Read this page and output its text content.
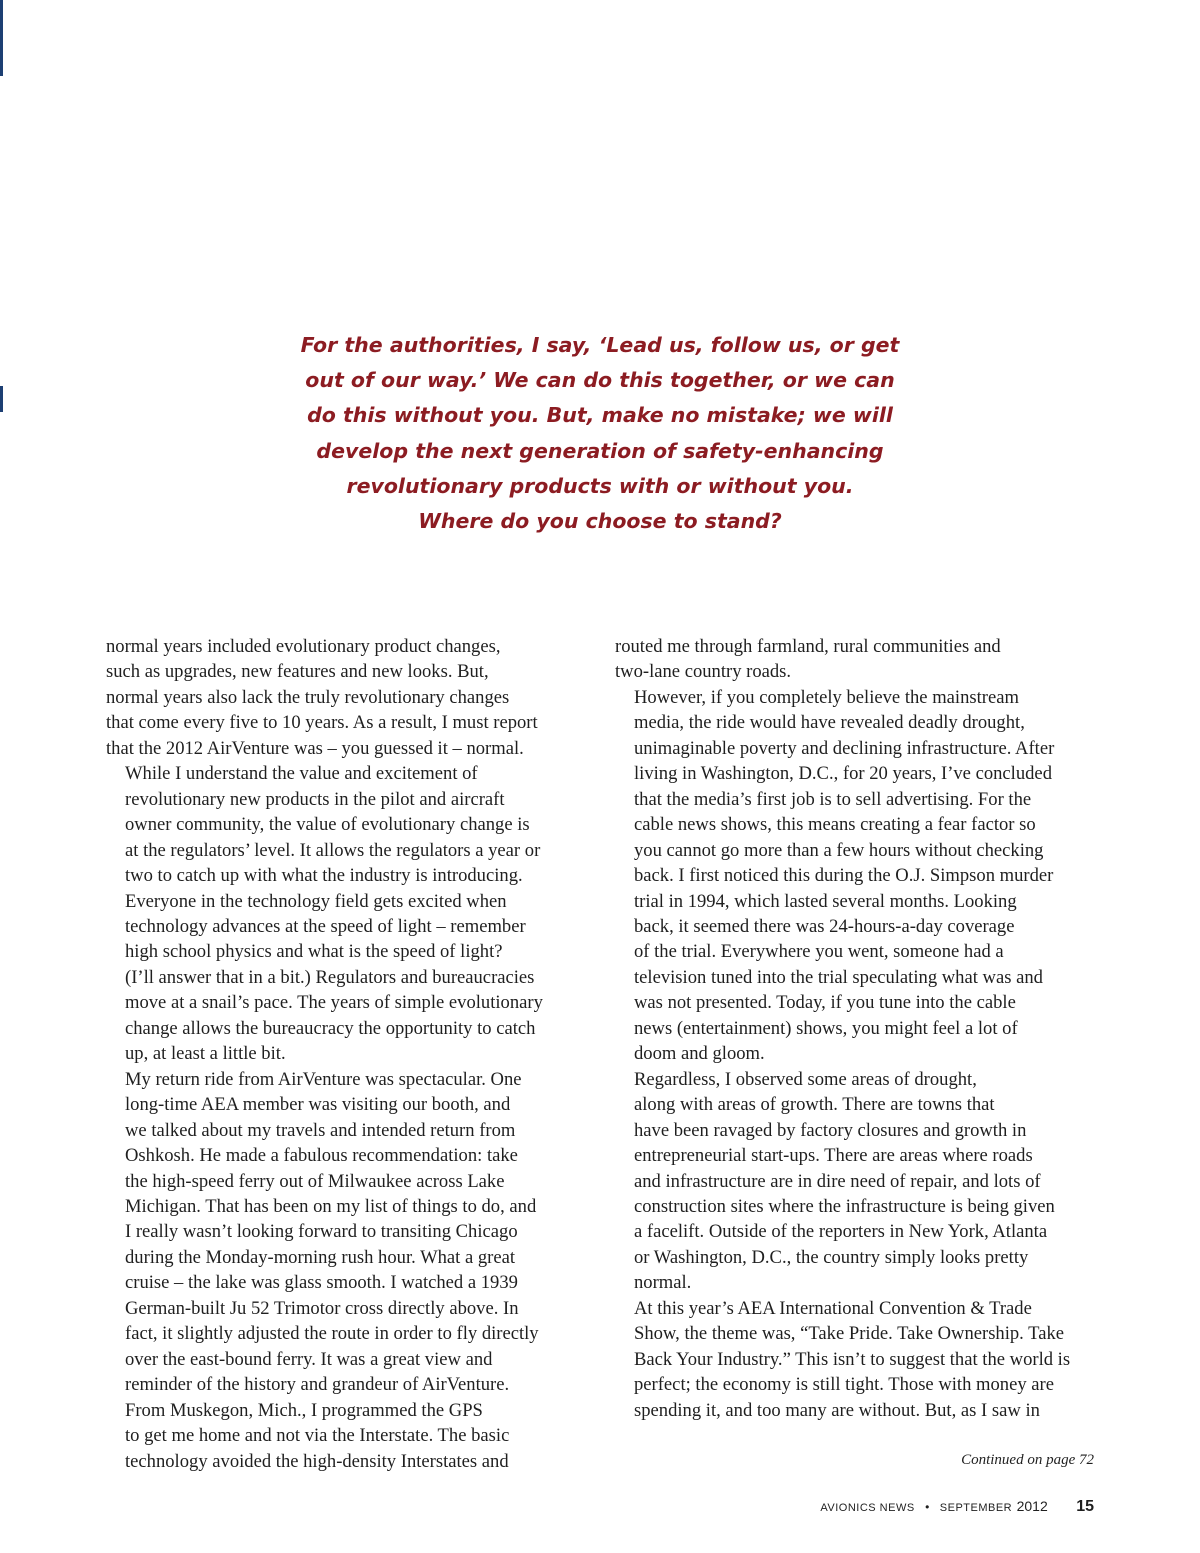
For the authorities, I say, ‘Lead us, follow us, or get
out of our way.’ We can do this together, or we can
do this without you. But, make no mistake; we will
develop the next generation of safety-enhancing
revolutionary products with or without you.
Where do you choose to stand?

normal years included evolutionary product changes,
such as upgrades, new features and new looks. But,
normal years also lack the truly revolutionary changes
that come every five to 10 years. As a result, I must report
that the 2012 AirVenture was – you guessed it – normal.

While I understand the value and excitement of
revolutionary new products in the pilot and aircraft
owner community, the value of evolutionary change is
at the regulators’ level. It allows the regulators a year or
two to catch up with what the industry is introducing.
Everyone in the technology field gets excited when
technology advances at the speed of light – remember
high school physics and what is the speed of light?
(I’ll answer that in a bit.) Regulators and bureaucracies
move at a snail’s pace. The years of simple evolutionary
change allows the bureaucracy the opportunity to catch
up, at least a little bit.

My return ride from AirVenture was spectacular. One
long-time AEA member was visiting our booth, and
we talked about my travels and intended return from
Oshkosh. He made a fabulous recommendation: take
the high-speed ferry out of Milwaukee across Lake
Michigan. That has been on my list of things to do, and
I really wasn’t looking forward to transiting Chicago
during the Monday-morning rush hour. What a great
cruise – the lake was glass smooth. I watched a 1939
German-built Ju 52 Trimotor cross directly above. In
fact, it slightly adjusted the route in order to fly directly
over the east-bound ferry. It was a great view and
reminder of the history and grandeur of AirVenture.

From Muskegon, Mich., I programmed the GPS
to get me home and not via the Interstate. The basic
technology avoided the high-density Interstates and

routed me through farmland, rural communities and
two-lane country roads.

However, if you completely believe the mainstream
media, the ride would have revealed deadly drought,
unimaginable poverty and declining infrastructure. After
living in Washington, D.C., for 20 years, I’ve concluded
that the media’s first job is to sell advertising. For the
cable news shows, this means creating a fear factor so
you cannot go more than a few hours without checking
back. I first noticed this during the O.J. Simpson murder
trial in 1994, which lasted several months. Looking
back, it seemed there was 24-hours-a-day coverage
of the trial. Everywhere you went, someone had a
television tuned into the trial speculating what was and
was not presented. Today, if you tune into the cable
news (entertainment) shows, you might feel a lot of
doom and gloom.

Regardless, I observed some areas of drought,
along with areas of growth. There are towns that
have been ravaged by factory closures and growth in
entrepreneurial start-ups. There are areas where roads
and infrastructure are in dire need of repair, and lots of
construction sites where the infrastructure is being given
a facelift. Outside of the reporters in New York, Atlanta
or Washington, D.C., the country simply looks pretty
normal.

At this year’s AEA International Convention & Trade
Show, the theme was, “Take Pride. Take Ownership. Take
Back Your Industry.” This isn’t to suggest that the world is
perfect; the economy is still tight. Those with money are
spending it, and too many are without. But, as I saw in

Continued on page 72

AVIONICS NEWS • SEPTEMBER 2012 15
